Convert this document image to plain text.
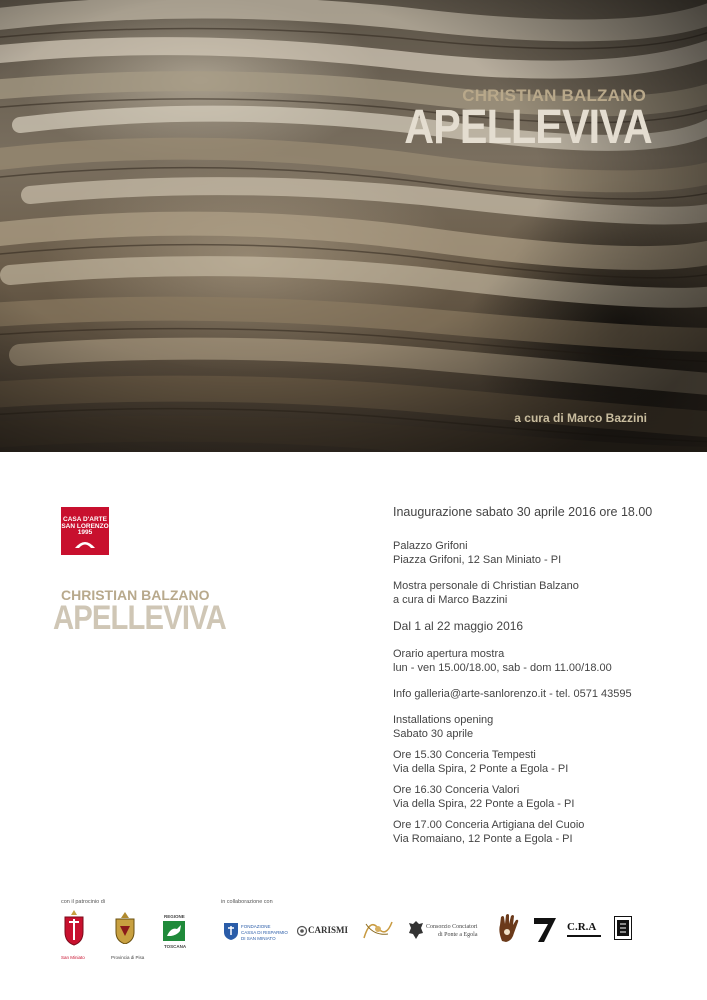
CHRISTIAN BALZANO
APELLEVIVA
a cura di Marco Bazzini
CASA D'ARTE
SAN LORENZO
1995
CHRISTIAN BALZANO
APELLEVIVA
Inaugurazione sabato 30 aprile 2016 ore 18.00
Palazzo Grifoni
Piazza Grifoni, 12 San Miniato - PI
Mostra personale di Christian Balzano
a cura di Marco Bazzini
Dal 1 al 22 maggio 2016
Orario apertura mostra
lun - ven 15.00/18.00, sab - dom 11.00/18.00
Info galleria@arte-sanlorenzo.it - tel. 0571 43595
Installations opening
Sabato 30 aprile
Ore 15.30 Conceria Tempesti
Via della Spira, 2 Ponte a Egola - PI
Ore 16.30 Conceria Valori
Via della Spira, 22 Ponte a Egola - PI
Ore 17.00 Conceria Artigiana del Cuoio
Via Romaiano, 12 Ponte a Egola - PI
con il patrocinio di	in collaborazione con
San Miniato	Provincia di Pisa
REGIONE
TOSCANA
FONDAZIONE
CASSA DI RISPARMIO
DI SAN MINIATO
CARISMI	Consorzio Conciatori
di Ponte a Egola
C.R.A
